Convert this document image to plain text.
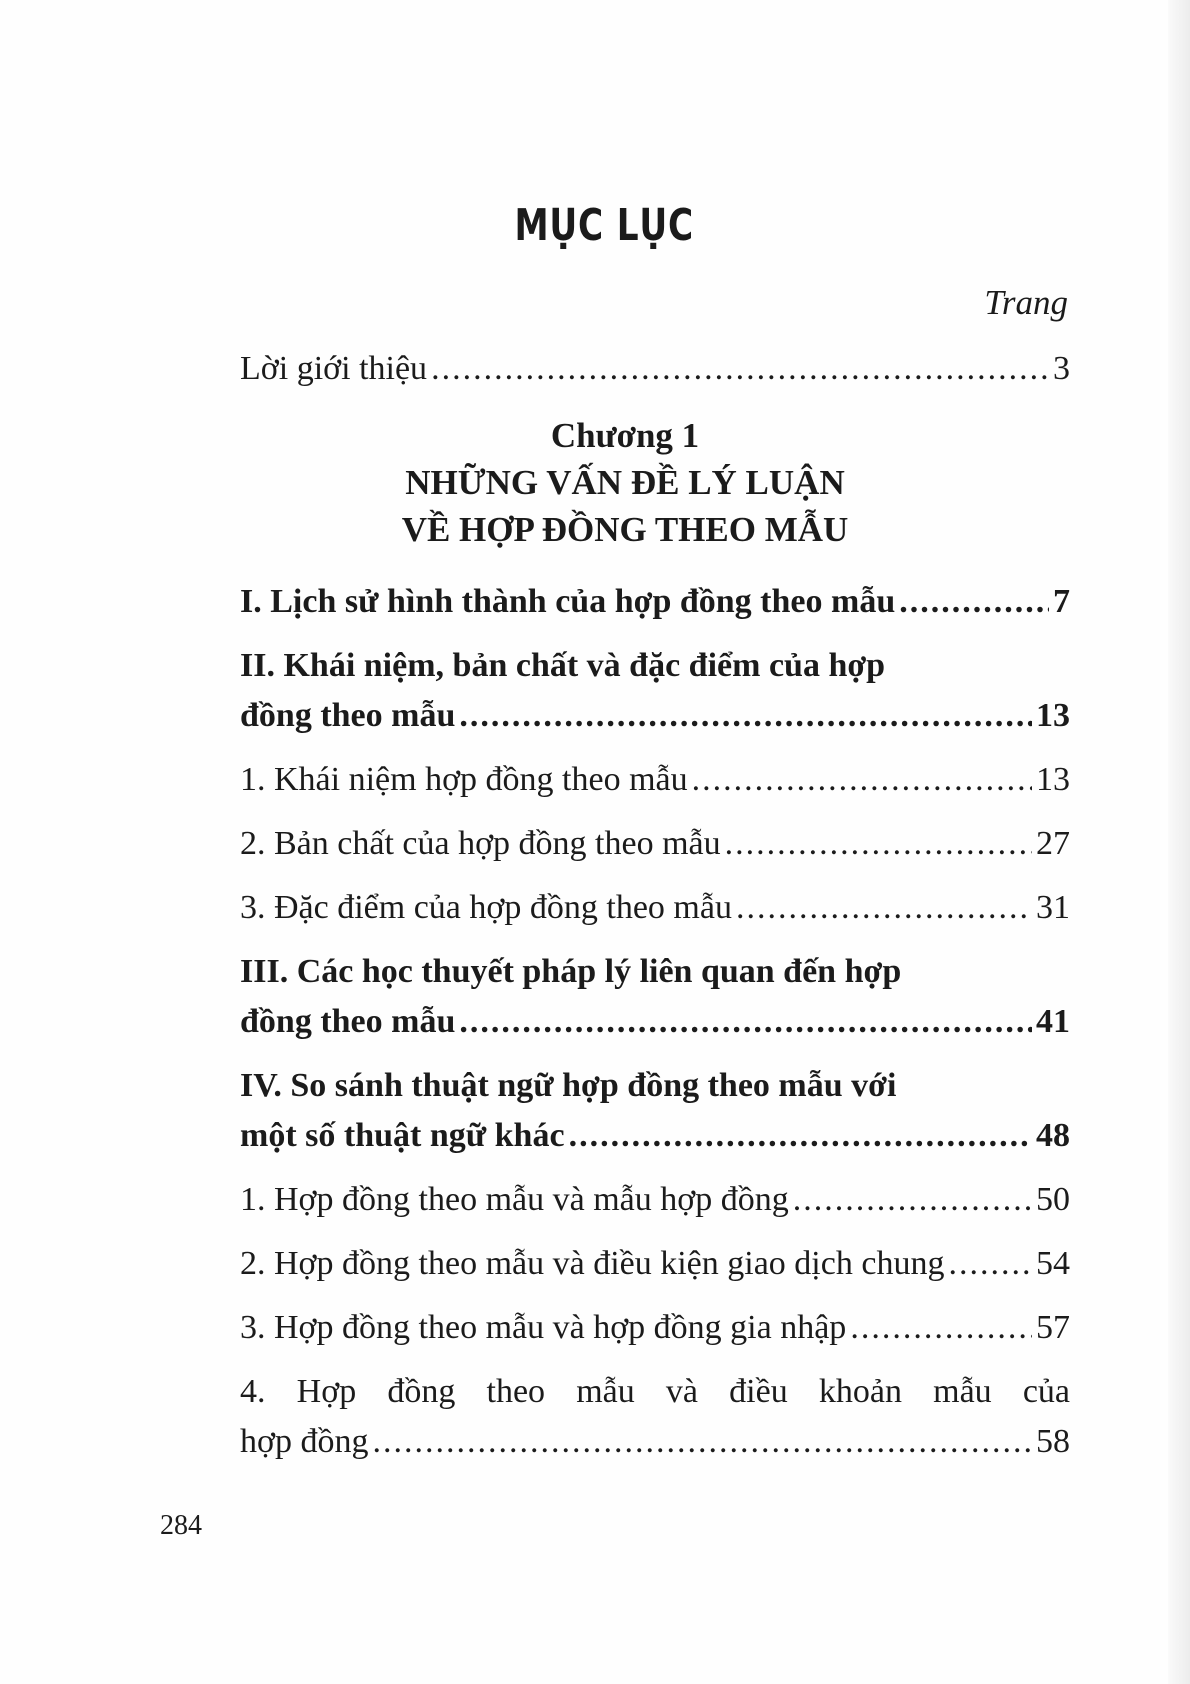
MỤC LỤC
Trang
Lời giới thiệu .....	3
Chương 1
NHỮNG VẤN ĐỀ LÝ LUẬN
VỀ HỢP ĐỒNG THEO MẪU
I. Lịch sử hình thành của hợp đồng theo mẫu .....	7
II. Khái niệm, bản chất và đặc điểm của hợp
đồng theo mẫu .....	13
1. Khái niệm hợp đồng theo mẫu .....	13
2. Bản chất của hợp đồng theo mẫu .....	27
3. Đặc điểm của hợp đồng theo mẫu .....	31
III. Các học thuyết pháp lý liên quan đến hợp
đồng theo mẫu .....	41
IV. So sánh thuật ngữ hợp đồng theo mẫu với
một số thuật ngữ khác .....	48
1. Hợp đồng theo mẫu và mẫu hợp đồng .....	50
2. Hợp đồng theo mẫu và điều kiện giao dịch chung .....	54
3. Hợp đồng theo mẫu và hợp đồng gia nhập .....	57
4. Hợp đồng theo mẫu và điều khoản mẫu của
hợp đồng .....	58
284
